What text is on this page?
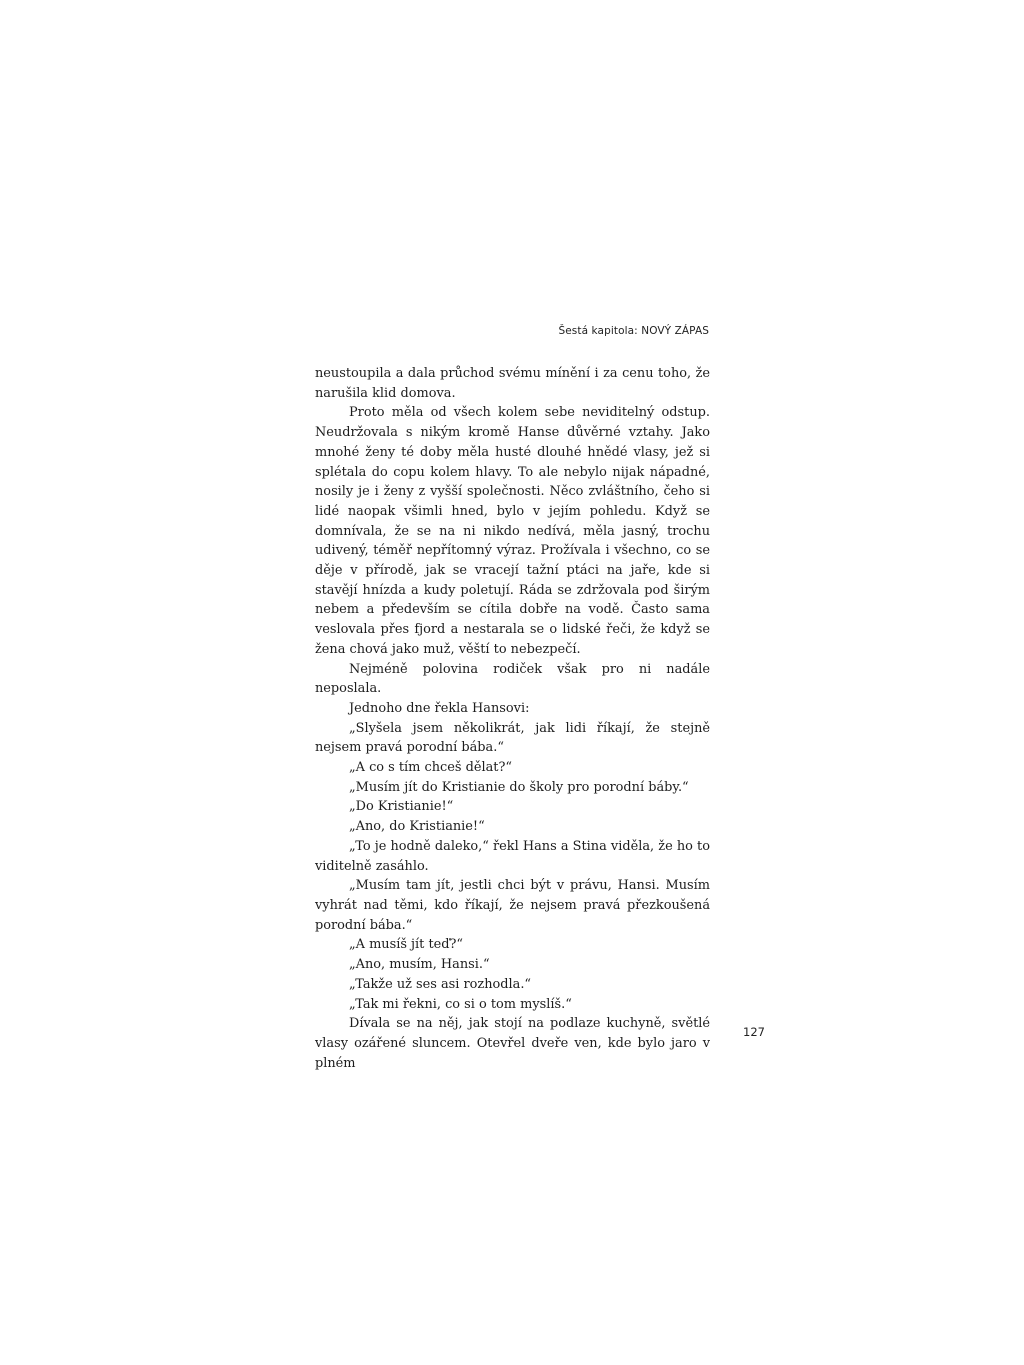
Šestá kapitola: NOVÝ ZÁPAS

neustoupila a dala průchod svému mínění i za cenu toho, že narušila klid domova.

Proto měla od všech kolem sebe neviditelný odstup. Neudržovala s nikým kromě Hanse důvěrné vztahy. Jako mnohé ženy té doby měla husté dlouhé hnědé vlasy, jež si splétala do copu kolem hlavy. To ale nebylo nijak nápadné, nosily je i ženy z vyšší společnosti. Něco zvláštního, čeho si lidé naopak všimli hned, bylo v jejím pohledu. Když se domnívala, že se na ni nikdo nedívá, měla jasný, trochu udivený, téměř nepřítomný výraz. Prožívala i všechno, co se děje v přírodě, jak se vracejí tažní ptáci na jaře, kde si stavějí hnízda a kudy poletují. Ráda se zdržovala pod širým nebem a především se cítila dobře na vodě. Často sama veslovala přes fjord a nestarala se o lidské řeči, že když se žena chová jako muž, věští to nebezpečí.

Nejméně polovina rodiček však pro ni nadále neposlala.

Jednoho dne řekla Hansovi:

„Slyšela jsem několikrát, jak lidi říkají, že stejně nejsem pravá porodní bába.“

„A co s tím chceš dělat?“

„Musím jít do Kristianie do školy pro porodní báby.“

„Do Kristianie!“

„Ano, do Kristianie!“

„To je hodně daleko,“ řekl Hans a Stina viděla, že ho to viditelně zasáhlo.

„Musím tam jít, jestli chci být v právu, Hansi. Musím vyhrát nad těmi, kdo říkají, že nejsem pravá přezkoušená porodní bába.“

„A musíš jít teď?“

„Ano, musím, Hansi.“

„Takže už ses asi rozhodla.“

„Tak mi řekni, co si o tom myslíš.“

Dívala se na něj, jak stojí na podlaze kuchyně, světlé vlasy ozářené sluncem. Otevřel dveře ven, kde bylo jaro v plném

127
